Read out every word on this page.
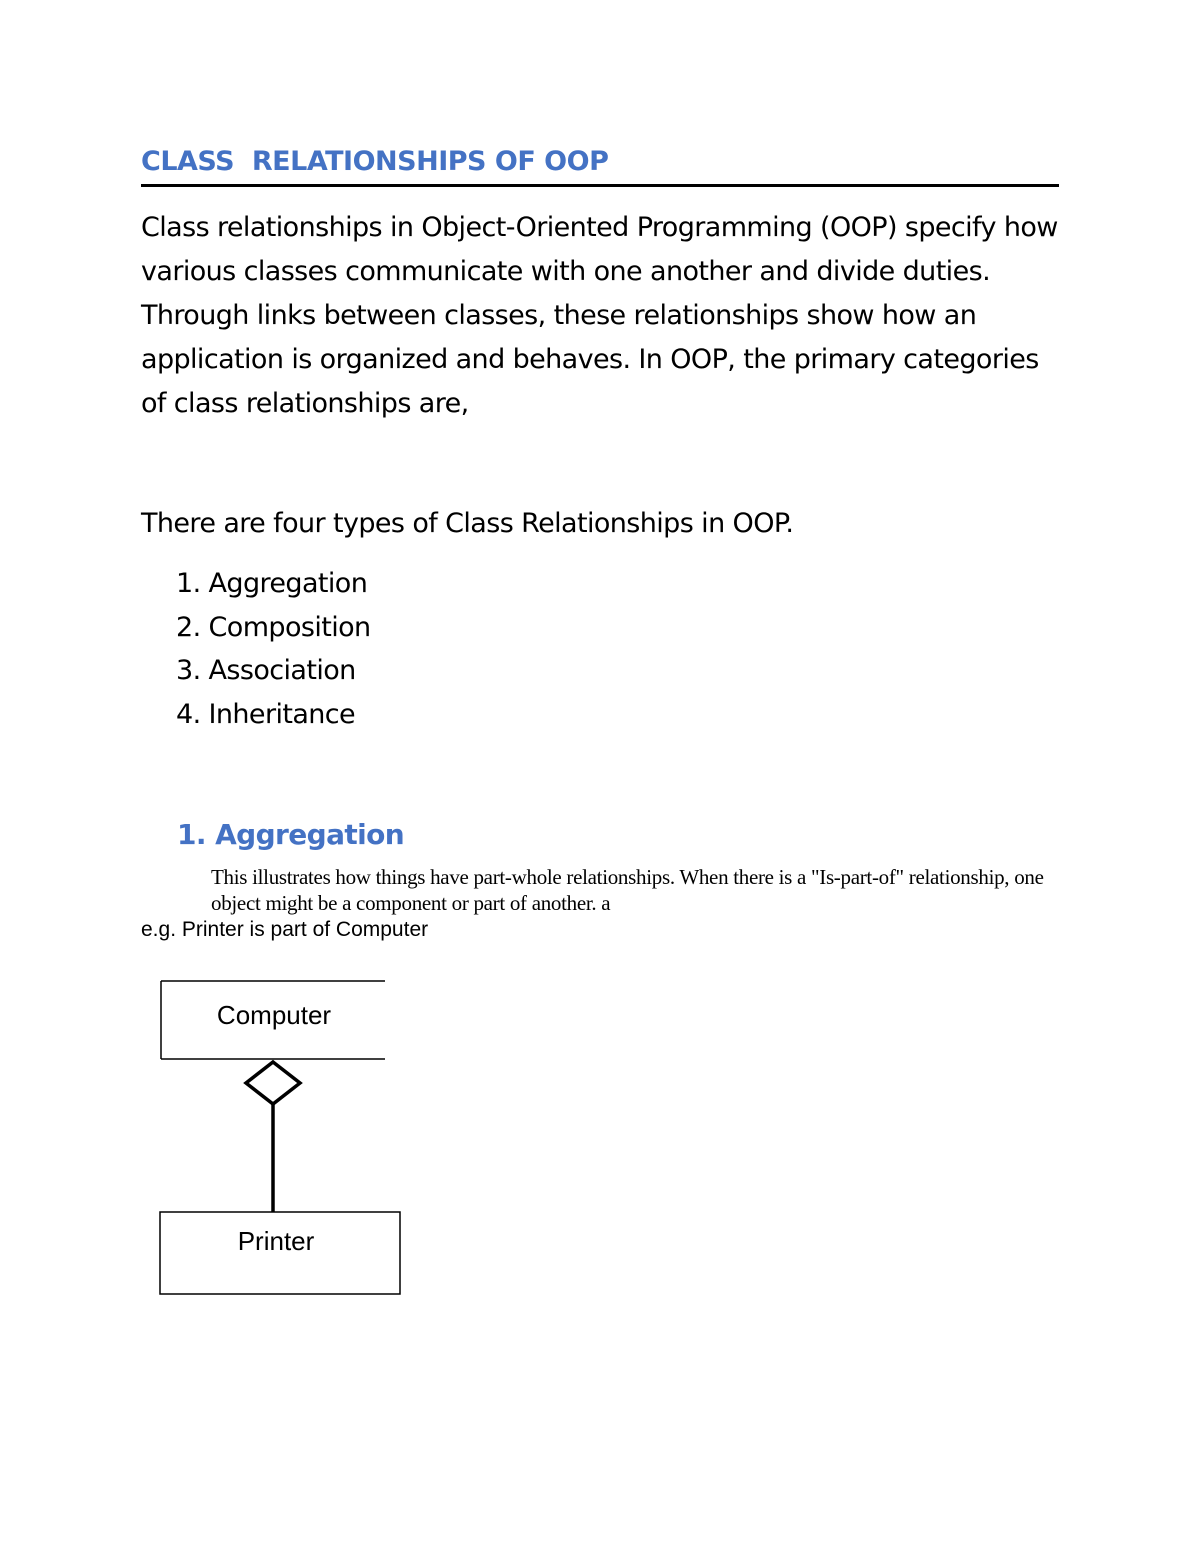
CLASS  RELATIONSHIPS OF OOP

Class relationships in Object-Oriented Programming (OOP) specify how various classes communicate with one another and divide duties. Through links between classes, these relationships show how an application is organized and behaves. In OOP, the primary categories of class relationships are,

There are four types of Class Relationships in OOP.
1. Aggregation
2. Composition
3. Association
4. Inheritance
1. Aggregation

This illustrates how things have part-whole relationships. When there is a "Is-part-of" relationship, one object might be a component or part of another. a

e.g. Printer is part of Computer
Computer
Printer
